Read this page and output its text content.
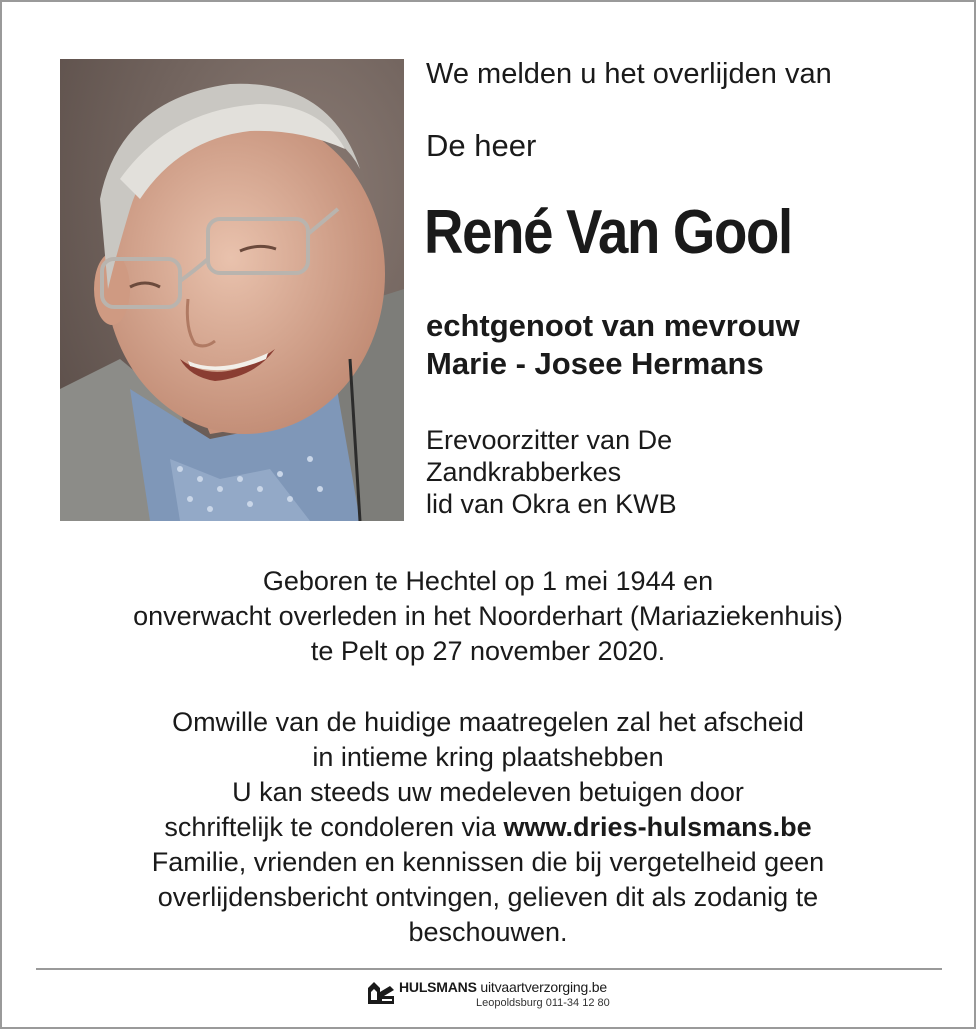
We melden u het overlijden van
De heer
René Van Gool
echtgenoot van mevrouw
Marie - Josee Hermans
Erevoorzitter van De
Zandkrabberkes
lid van Okra en KWB
Geboren te Hechtel op 1 mei 1944 en
onverwacht overleden in het Noorderhart (Mariaziekenhuis)
te Pelt op 27 november 2020.
Omwille van de huidige maatregelen zal het afscheid
in intieme kring plaatshebben
U kan steeds uw medeleven betuigen door
schriftelijk te condoleren via www.dries-hulsmans.be
Familie, vrienden en kennissen die bij vergetelheid geen
overlijdensbericht ontvingen, gelieven dit als zodanig te
beschouwen.
HULSMANS uitvaartverzorging.be
Leopoldsburg 011-34 12 80
